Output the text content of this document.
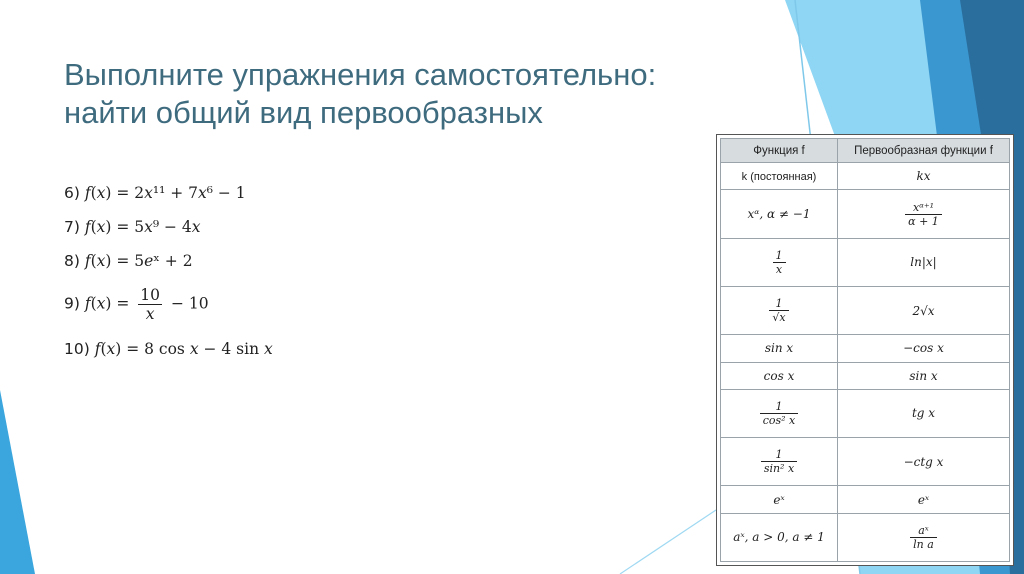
Выполните упражнения самостоятельно:
найти общий вид первообразных
6) 𝑓(𝑥) = 2𝑥¹¹ + 7𝑥⁶ − 1
7) 𝑓(𝑥) = 5𝑥⁹ − 4𝑥
8) 𝑓(𝑥) = 5𝑒ˣ + 2
9) 𝑓(𝑥) = $\frac{10}{\text{𝑥}} - 10$
10) 𝑓(𝑥) = 8 cos 𝑥 − 4 sin 𝑥
Функция f	Первообразная функции f
k (постоянная)	kx
xᵅ, α ≠ −1	$\frac{\text{xᵅ⁺¹}}{\alpha + 1}$

$\frac{1}{x}$	ln|x|

$\frac{1}{√x}$	2√x
sin x	−cos x
cos x	sin x

$\frac{1}{\text{cos² x}}$	tg x

$\frac{1}{\text{sin² x}}$	−ctg x
eˣ	eˣ
aˣ, a > 0, a ≠ 1	$\frac{\text{aˣ}}{\text{ln a}}$
